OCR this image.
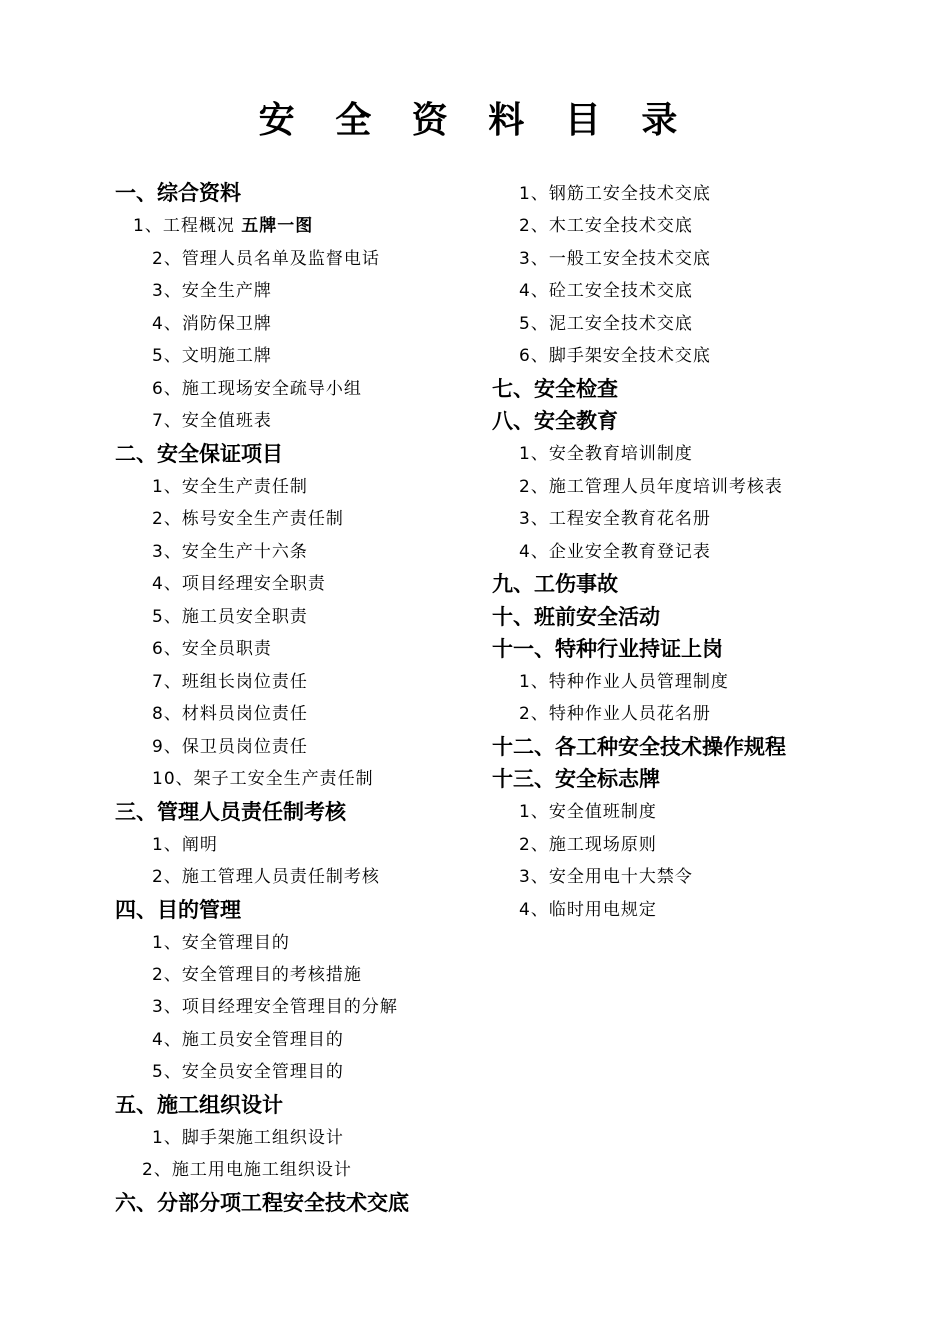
安 全 资 料 目 录
一、综合资料
1、工程概况 五牌一图
2、管理人员名单及监督电话
3、安全生产牌
4、消防保卫牌
5、文明施工牌
6、施工现场安全疏导小组
7、安全值班表
二、安全保证项目
1、安全生产责任制
2、栋号安全生产责任制
3、安全生产十六条
4、项目经理安全职责
5、施工员安全职责
6、安全员职责
7、班组长岗位责任
8、材料员岗位责任
9、保卫员岗位责任
10、架子工安全生产责任制
三、管理人员责任制考核
1、阐明
2、施工管理人员责任制考核
四、目的管理
1、安全管理目的
2、安全管理目的考核措施
3、项目经理安全管理目的分解
4、施工员安全管理目的
5、安全员安全管理目的
五、施工组织设计
1、脚手架施工组织设计
2、施工用电施工组织设计
六、分部分项工程安全技术交底
1、钢筋工安全技术交底
2、木工安全技术交底
3、一般工安全技术交底
4、砼工安全技术交底
5、泥工安全技术交底
6、脚手架安全技术交底
七、安全检查
八、安全教育
1、安全教育培训制度
2、施工管理人员年度培训考核表
3、工程安全教育花名册
4、企业安全教育登记表
九、工伤事故
十、班前安全活动
十一、特种行业持证上岗
1、特种作业人员管理制度
2、特种作业人员花名册
十二、各工种安全技术操作规程
十三、安全标志牌
1、安全值班制度
2、施工现场原则
3、安全用电十大禁令
4、临时用电规定
